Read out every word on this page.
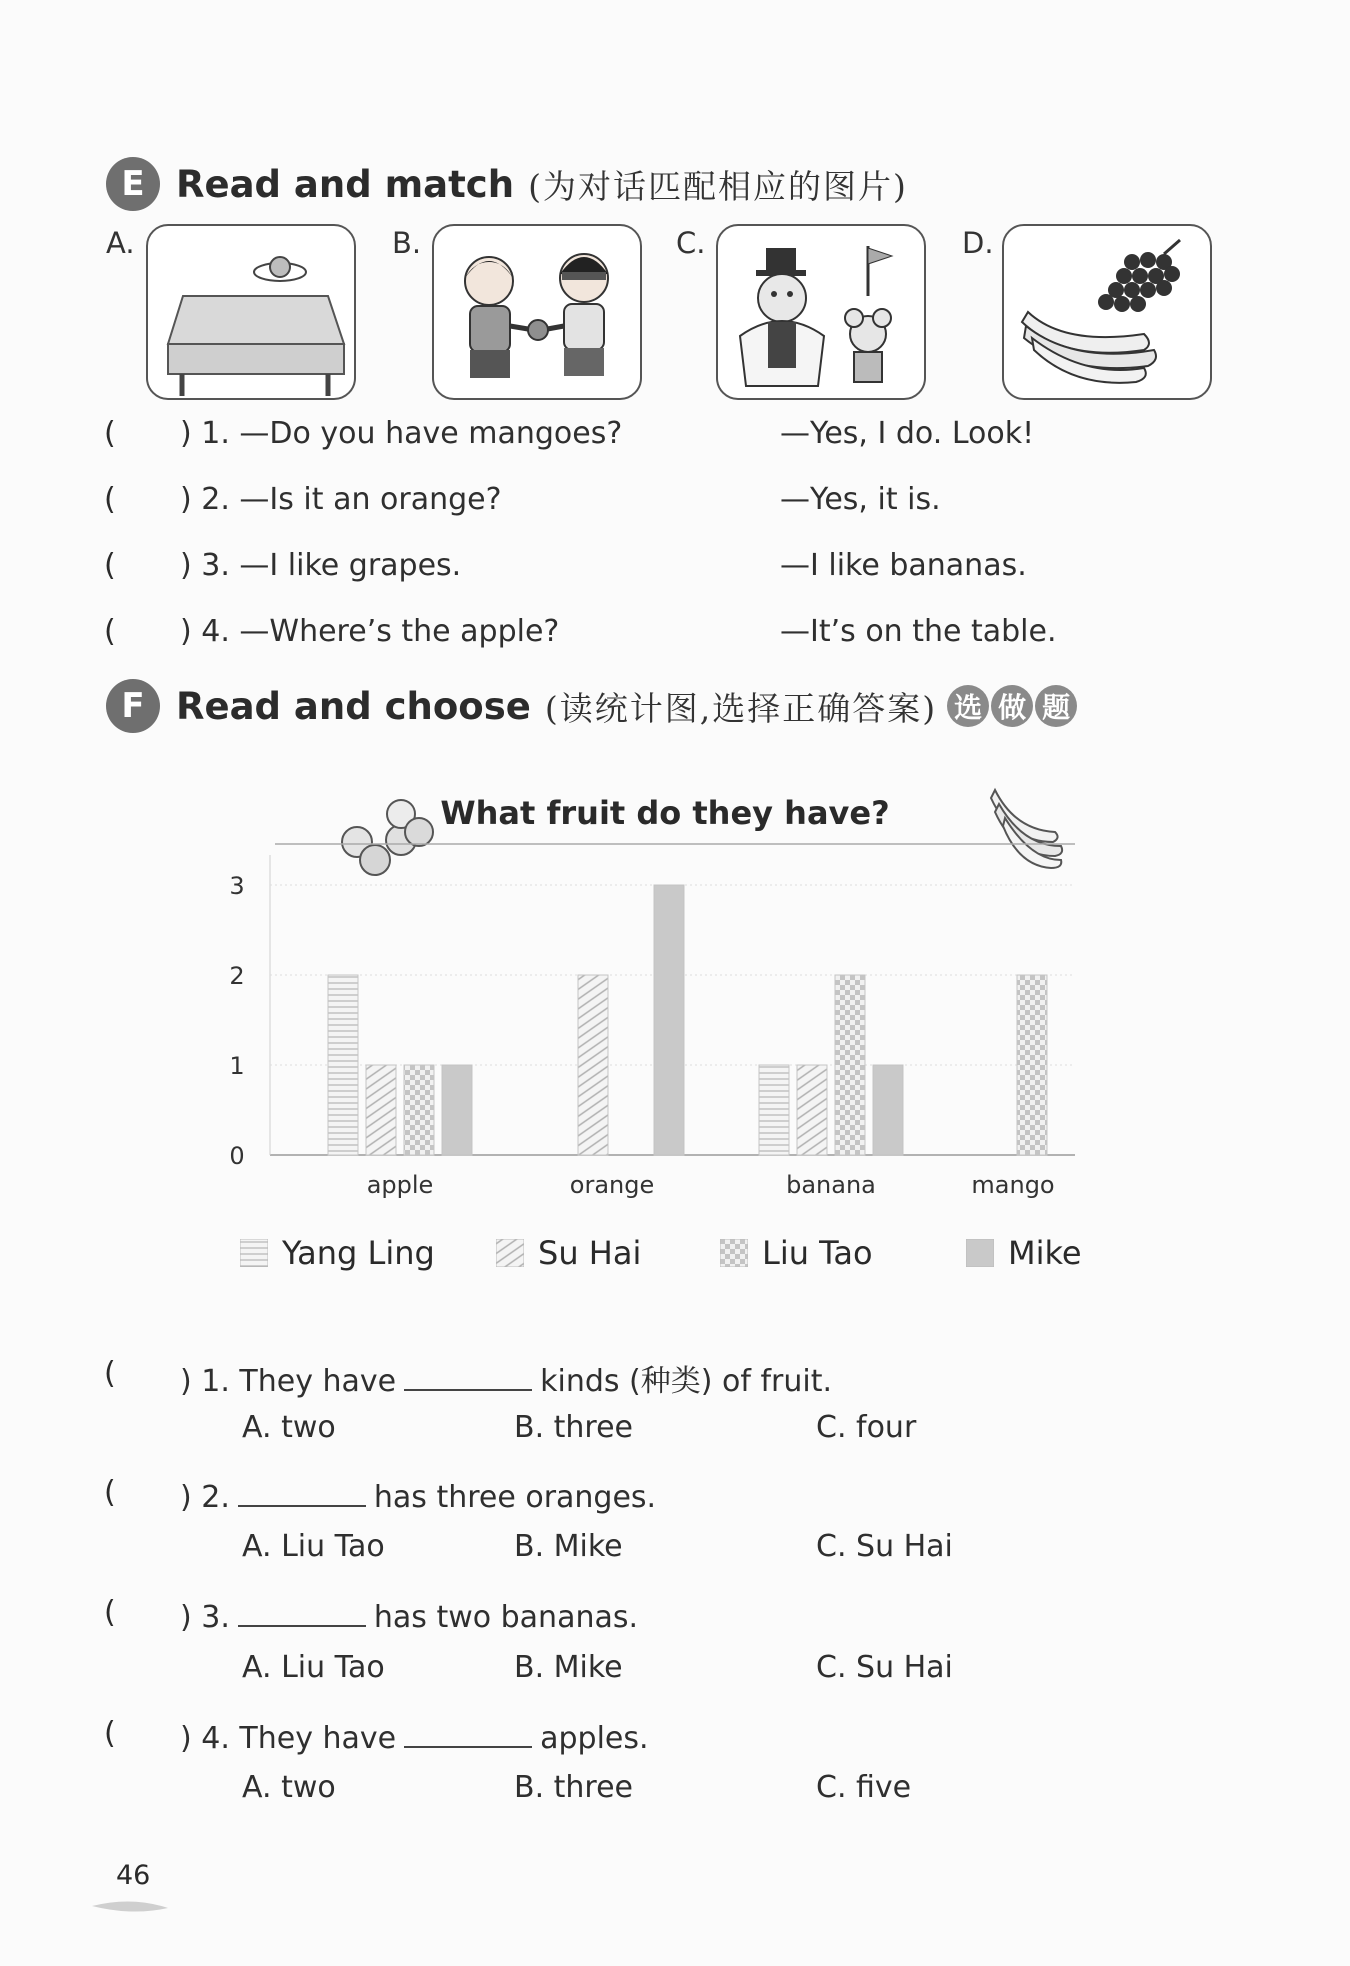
E Read and match (为对话匹配相应的图片)
A.	B.	C.	D.
( ) 1. —Do you have mangoes?	—Yes, I do. Look!
( ) 2. —Is it an orange?	—Yes, it is.
( ) 3. —I like grapes.	—I like bananas.
( ) 4. —Where’s the apple?	—It’s on the table.
F Read and choose (读统计图,选择正确答案) 选 做 题
What fruit do they have?
0
1
2
3
apple	orange	banana	mango
Yang Ling	Su Hai	Liu Tao	Mike
( ) 1. They have	kinds (种类) of fruit.
A. two	B. three	C. four
( ) 2.	has three oranges.
A. Liu Tao	B. Mike	C. Su Hai
( ) 3.	has two bananas.
A. Liu Tao	B. Mike	C. Su Hai
( ) 4. They have	apples.
A. two	B. three	C. five
46
